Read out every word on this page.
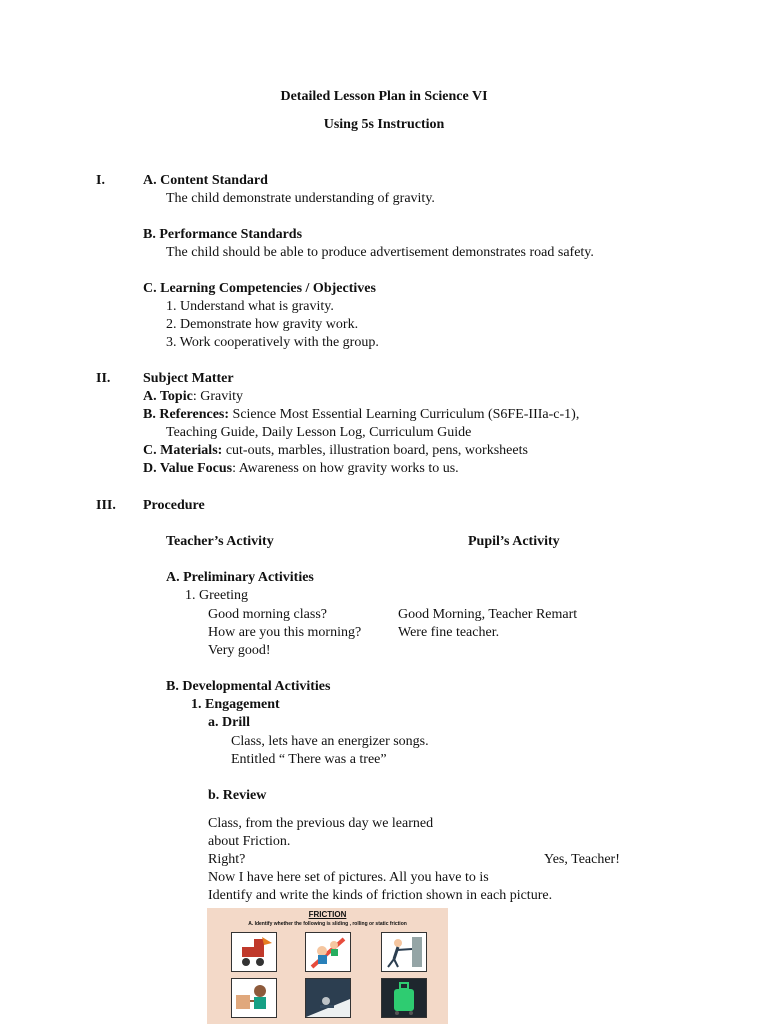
Detailed Lesson Plan in Science VI
Using 5s Instruction
I.	A. Content Standard
The child demonstrate understanding of gravity.
B. Performance Standards
The child should be able to produce advertisement demonstrates road safety.
C. Learning Competencies / Objectives
1. Understand what is gravity.
2. Demonstrate how gravity work.
3. Work cooperatively with the group.
II. Subject Matter
A. Topic: Gravity
B. References: Science Most Essential Learning Curriculum (S6FE-IIIa-c-1),
Teaching Guide, Daily Lesson Log, Curriculum Guide
C. Materials: cut-outs, marbles, illustration board, pens, worksheets
D. Value Focus: Awareness on how gravity works to us.
III. Procedure
Teacher’s Activity	Pupil’s Activity
A. Preliminary Activities
1. Greeting
Good morning class?
How are you this morning?
Very good!
Good Morning, Teacher Remart
Were fine teacher.
B. Developmental Activities
1. Engagement
a. Drill
Class, lets have an energizer songs.
Entitled “ There was a tree”
b. Review
Class, from the previous day we learned
about Friction.
Right?
Now I have here set of pictures. All you have to is
Identify and write the kinds of friction shown in each picture.
Yes, Teacher!
FRICTION
A. Identify whether the following is sliding , rolling or static friction
